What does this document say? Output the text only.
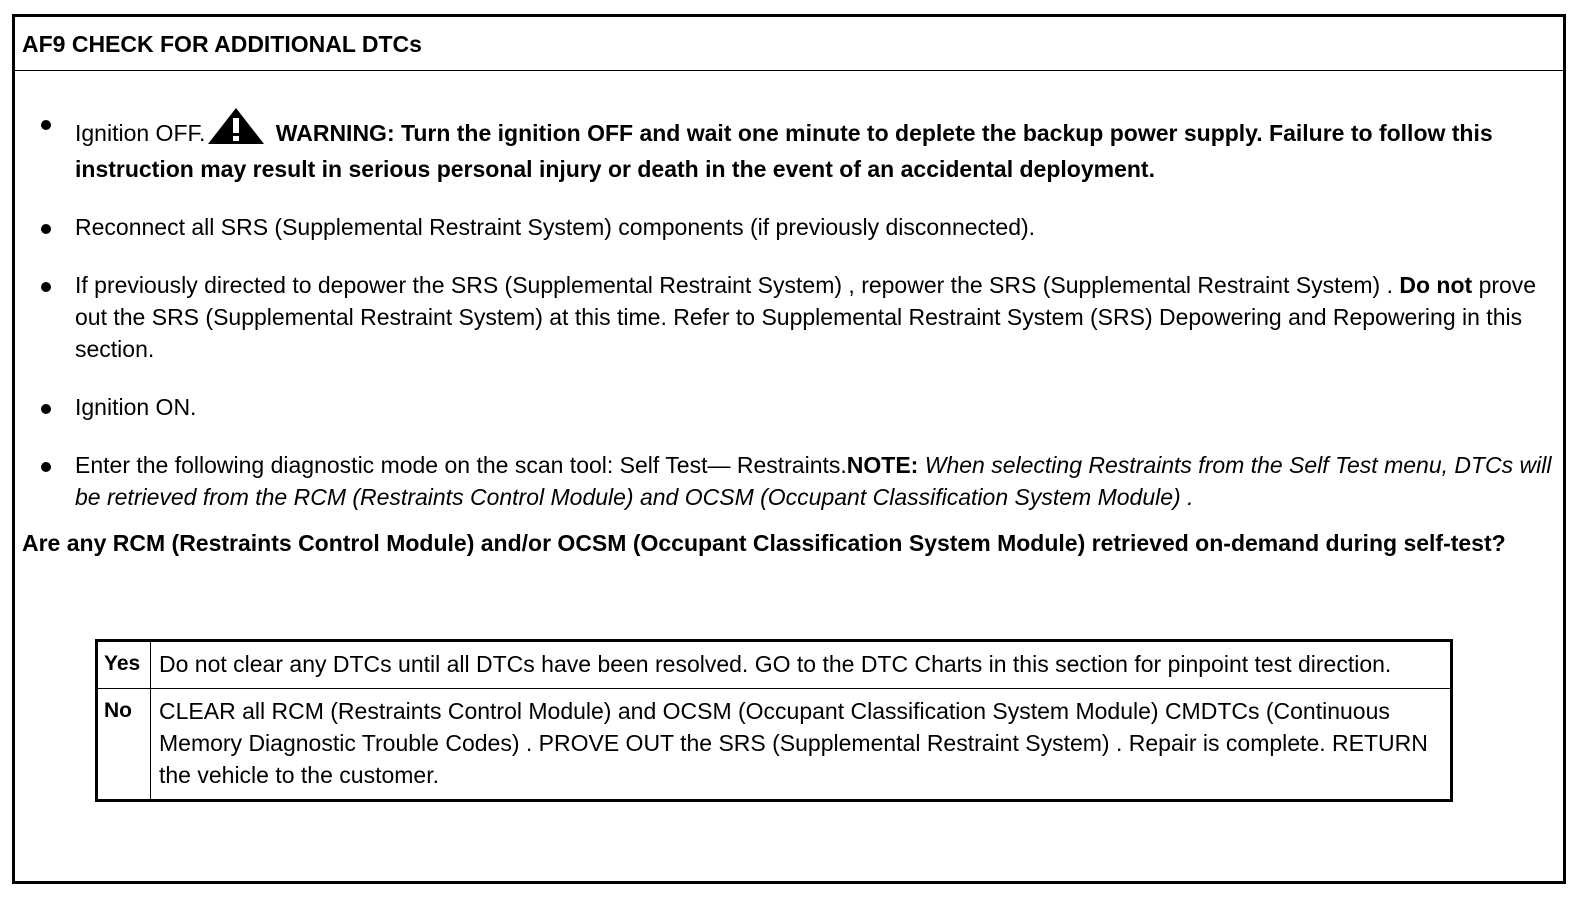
AF9 CHECK FOR ADDITIONAL DTCs
Ignition OFF.	WARNING: Turn the ignition OFF and wait one minute to deplete the backup power supply. Failure to follow this instruction may result in serious personal injury or death in the event of an accidental deployment.
Reconnect all SRS (Supplemental Restraint System) components (if previously disconnected).
If previously directed to depower the SRS (Supplemental Restraint System) , repower the SRS (Supplemental Restraint System) . Do not prove out the SRS (Supplemental Restraint System) at this time. Refer to Supplemental Restraint System (SRS) Depowering and Repowering in this section.
Ignition ON.
Enter the following diagnostic mode on the scan tool: Self Test— Restraints.NOTE: When selecting Restraints from the Self Test menu, DTCs will be retrieved from the RCM (Restraints Control Module) and OCSM (Occupant Classification System Module) .
Are any RCM (Restraints Control Module) and/or OCSM (Occupant Classification System Module) retrieved on-demand during self-test?
Yes	Do not clear any DTCs until all DTCs have been resolved. GO to the DTC Charts in this section for pinpoint test direction.
No	CLEAR all RCM (Restraints Control Module) and OCSM (Occupant Classification System Module) CMDTCs (Continuous Memory Diagnostic Trouble Codes) . PROVE OUT the SRS (Supplemental Restraint System) . Repair is complete. RETURN the vehicle to the customer.
